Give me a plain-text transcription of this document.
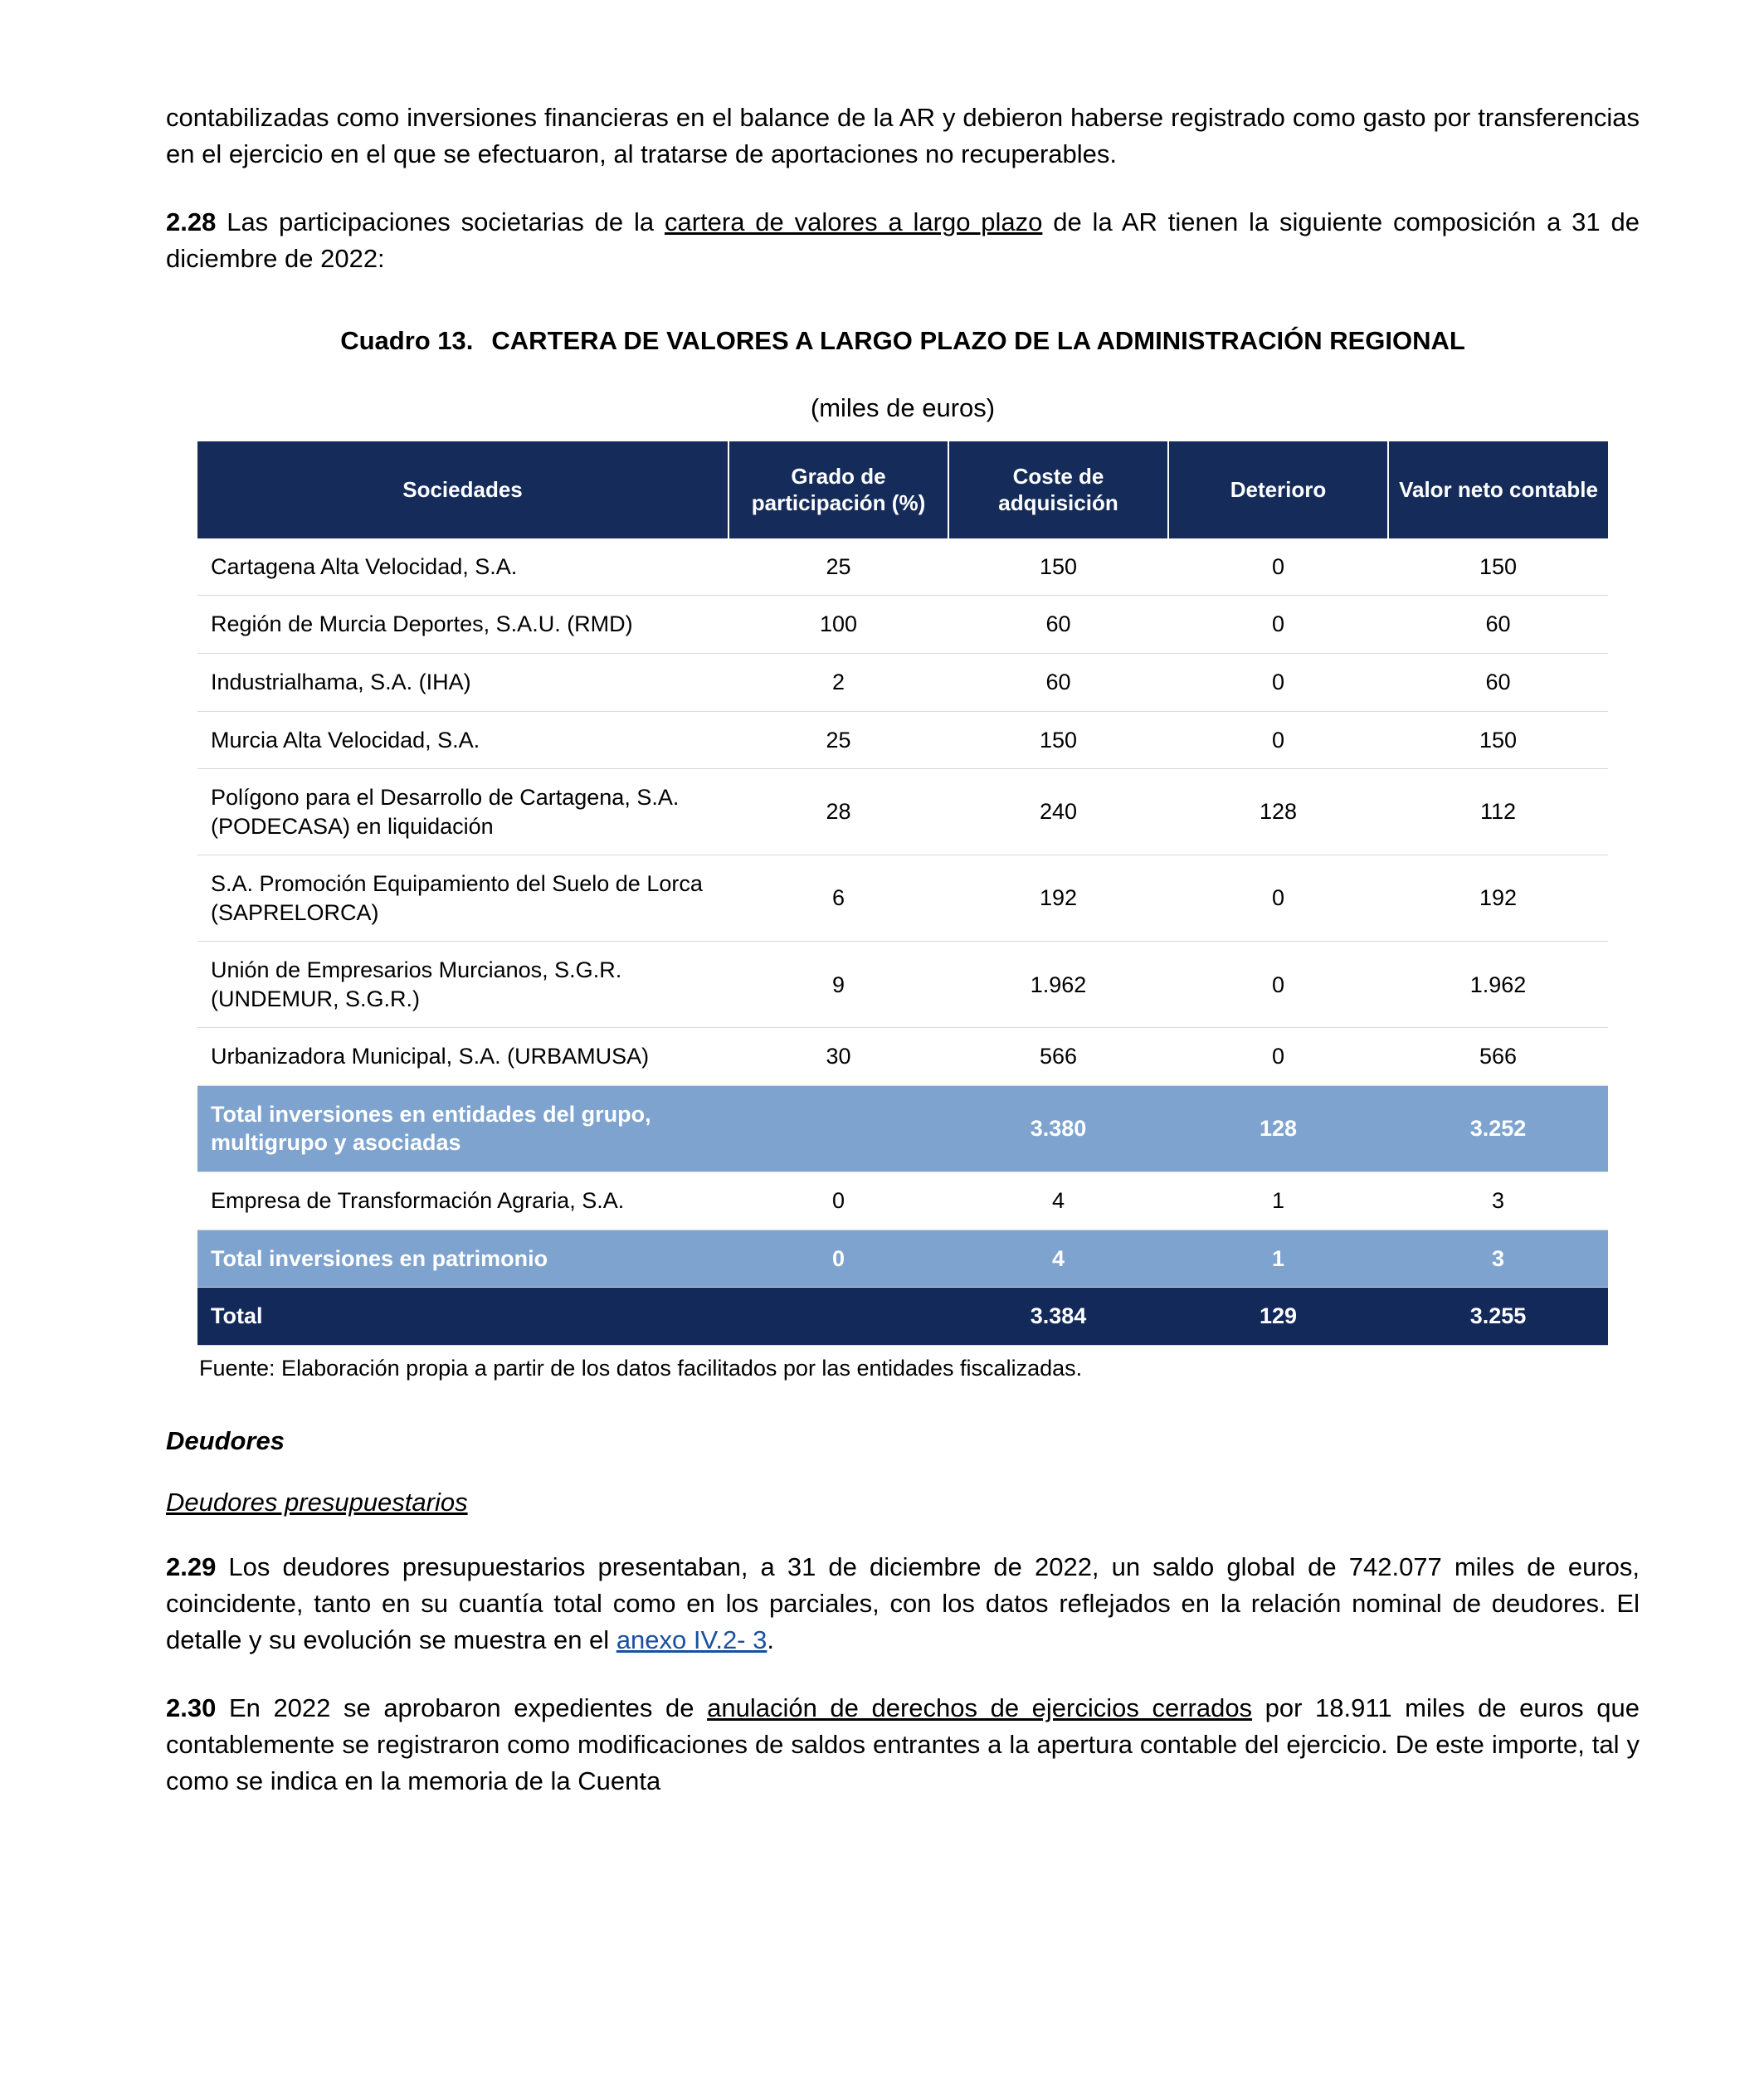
contabilizadas como inversiones financieras en el balance de la AR y debieron haberse registrado como gasto por transferencias en el ejercicio en el que se efectuaron, al tratarse de aportaciones no recuperables.

2.28 Las participaciones societarias de la cartera de valores a largo plazo de la AR tienen la siguiente composición a 31 de diciembre de 2022:

Cuadro 13. CARTERA DE VALORES A LARGO PLAZO DE LA ADMINISTRACIÓN REGIONAL
(miles de euros)
Sociedades	Grado de participación (%)	Coste de adquisición	Deterioro	Valor neto contable
Cartagena Alta Velocidad, S.A.	25	150	0	150
Región de Murcia Deportes, S.A.U. (RMD)	100	60	0	60
Industrialhama, S.A. (IHA)	2	60	0	60
Murcia Alta Velocidad, S.A.	25	150	0	150
Polígono para el Desarrollo de Cartagena, S.A. (PODECASA) en liquidación	28	240	128	112
S.A. Promoción Equipamiento del Suelo de Lorca (SAPRELORCA)	6	192	0	192
Unión de Empresarios Murcianos, S.G.R. (UNDEMUR, S.G.R.)	9	1.962	0	1.962
Urbanizadora Municipal, S.A. (URBAMUSA)	30	566	0	566
Total inversiones en entidades del grupo, multigrupo y asociadas		3.380	128	3.252
Empresa de Transformación Agraria, S.A.	0	4	1	3
Total inversiones en patrimonio	0	4	1	3
Total		3.384	129	3.255
Fuente: Elaboración propia a partir de los datos facilitados por las entidades fiscalizadas.
Deudores
Deudores presupuestarios

2.29 Los deudores presupuestarios presentaban, a 31 de diciembre de 2022, un saldo global de 742.077 miles de euros, coincidente, tanto en su cuantía total como en los parciales, con los datos reflejados en la relación nominal de deudores. El detalle y su evolución se muestra en el anexo IV.2- 3.

2.30 En 2022 se aprobaron expedientes de anulación de derechos de ejercicios cerrados por 18.911 miles de euros que contablemente se registraron como modificaciones de saldos entrantes a la apertura contable del ejercicio. De este importe, tal y como se indica en la memoria de la Cuenta
